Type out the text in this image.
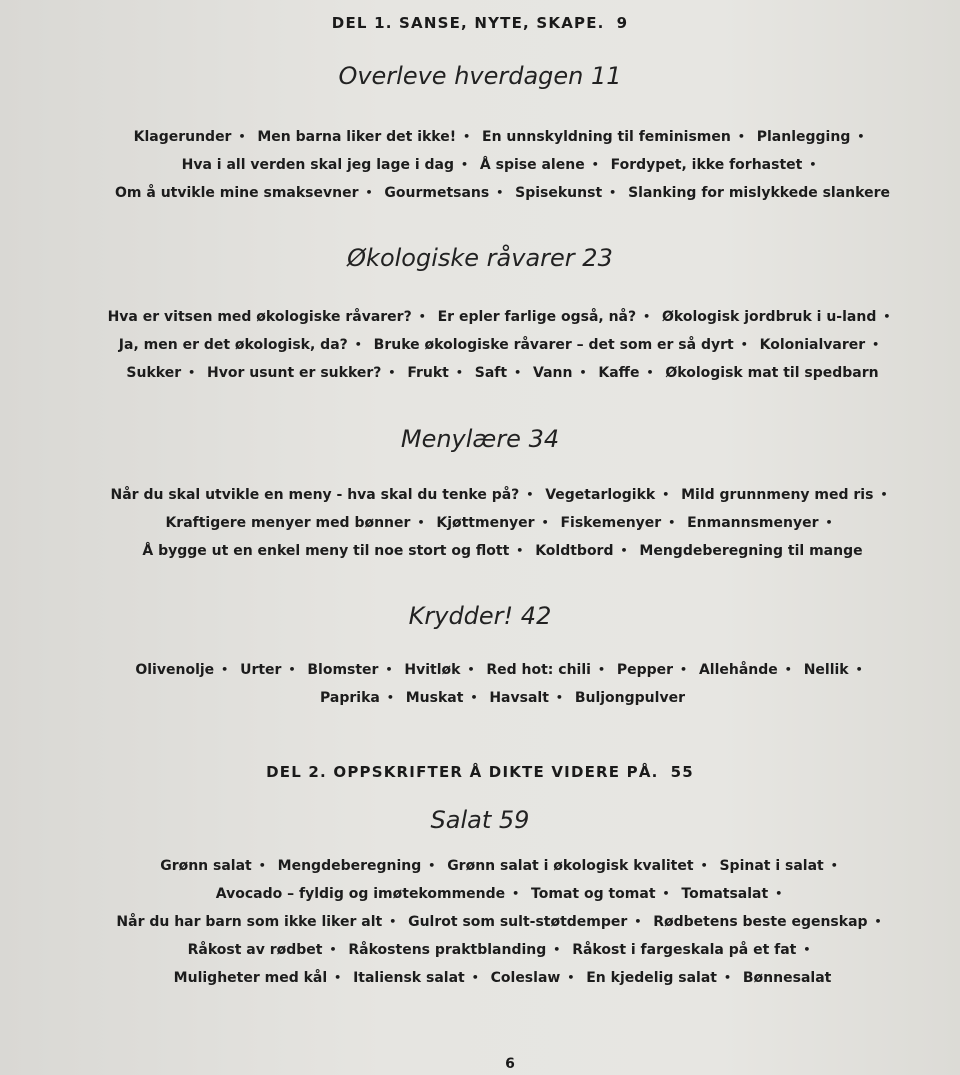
DEL 1. SANSE, NYTE, SKAPE. 9
Overleve hverdagen 11
Klagerunder • Men barna liker det ikke! • En unnskyldning til feminismen • Planlegging • Hva i all verden skal jeg lage i dag • Å spise alene • Fordypet, ikke forhastet • Om å utvikle mine smaksevner • Gourmetsans • Spisekunst • Slanking for mislykkede slankere
Økologiske råvarer 23
Hva er vitsen med økologiske råvarer? • Er epler farlige også, nå? • Økologisk jordbruk i u-land • Ja, men er det økologisk, da? • Bruke økologiske råvarer – det som er så dyrt • Kolonialvarer • Sukker • Hvor usunt er sukker? • Frukt • Saft • Vann • Kaffe • Økologisk mat til spedbarn
Menylære 34
Når du skal utvikle en meny - hva skal du tenke på? • Vegetarlogikk • Mild grunnmeny med ris • Kraftigere menyer med bønner • Kjøttmenyer • Fiskemenyer • Enmannsmenyer • Å bygge ut en enkel meny til noe stort og flott • Koldtbord • Mengdeberegning til mange
Krydder! 42
Olivenolje • Urter • Blomster • Hvitløk • Red hot: chili • Pepper • Allehånde • Nellik • Paprika • Muskat • Havsalt • Buljongpulver
DEL 2. OPPSKRIFTER Å DIKTE VIDERE PÅ. 55
Salat 59
Grønn salat • Mengdeberegning • Grønn salat i økologisk kvalitet • Spinat i salat • Avocado – fyldig og imøtekommende • Tomat og tomat • Tomatsalat • Når du har barn som ikke liker alt • Gulrot som sult-støtdemper • Rødbetens beste egenskap • Råkost av rødbet • Råkostens praktblanding • Råkost i fargeskala på et fat • Muligheter med kål • Italiensk salat • Coleslaw • En kjedelig salat • Bønnesalat
6
